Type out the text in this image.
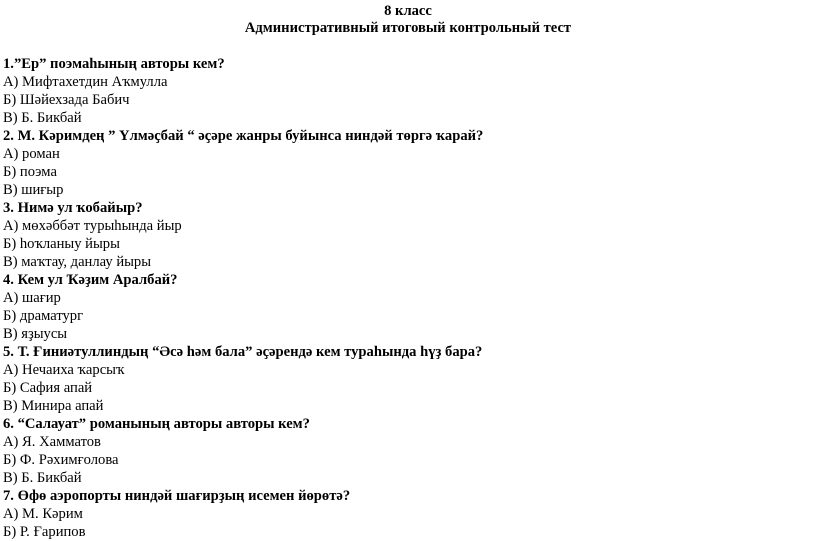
8 класс

Административный итоговый контрольный тест

1.”Ер” поэмаһының авторы кем?

А) Мифтахетдин Аҡмулла

Б) Шәйехзада Бабич

В) Б. Бикбай

2. М. Кәримдең ” Үлмәҫбай “ әҫәре жанры буйынса ниндәй төргә ҡарай?

А) роман

Б) поэма

В) шиғыр

3. Нимә ул ҡобайыр?

А) мөхәббәт турыһында йыр

Б) һоҡланыу йыры

В) маҡтау, данлау йыры

4. Кем ул Ҡәҙим Аралбай?

А) шағир

Б) драматург

В) яҙыусы

5. Т. Ғиниәтуллиндың “Әсә һәм бала” әҫәрендә кем тураһында һүҙ бара?

А) Нечаиха ҡарсыҡ

Б) Сафия апай

В) Минира апай

6. “Салауат” романының авторы авторы кем?

А) Я. Хамматов

Б) Ф. Рәхимғолова

В) Б. Бикбай

7. Өфө аэропорты ниндәй шағирҙың исемен йөрөтә?

А) М. Кәрим

Б) Р. Ғарипов
